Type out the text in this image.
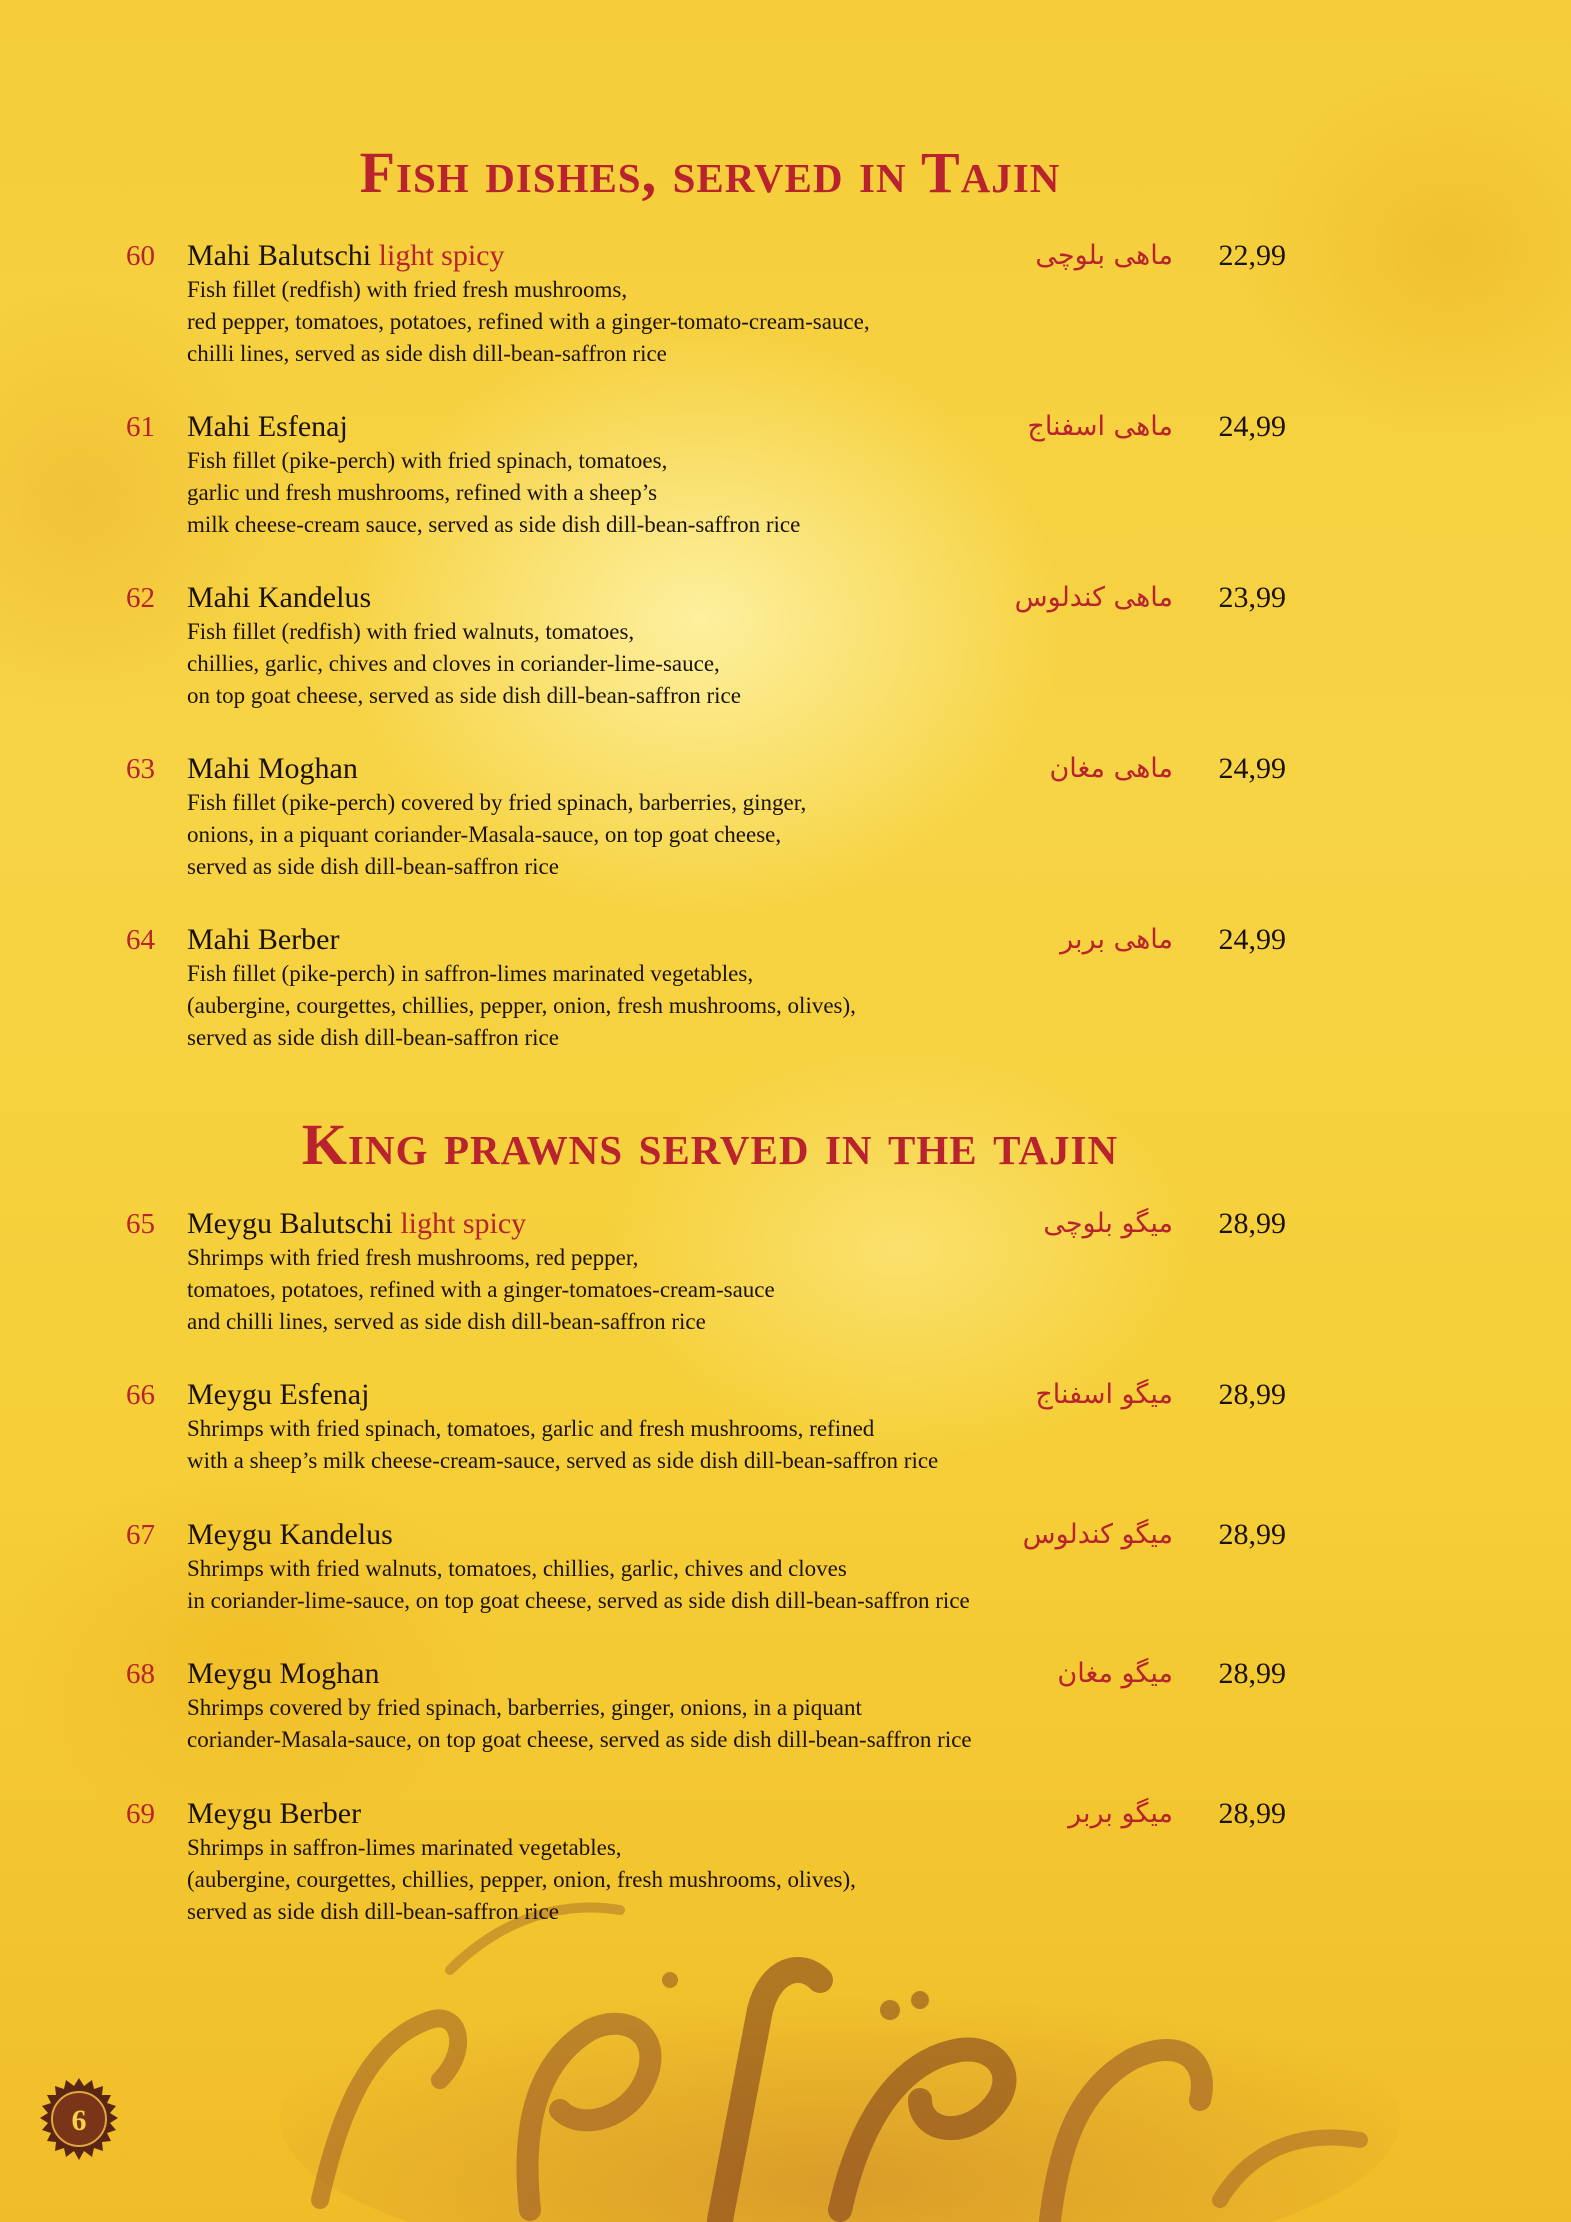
Fish dishes, served in Tajin
60 Mahi Balutschi light spicy	ماهی بلوچی 22,99
Fish fillet (redfish) with fried fresh mushrooms,
red pepper, tomatoes, potatoes, refined with a ginger-tomato-cream-sauce,
chilli lines, served as side dish dill-bean-saffron rice
61 Mahi Esfenaj	ماهی اسفناج 24,99
Fish fillet (pike-perch) with fried spinach, tomatoes,
garlic und fresh mushrooms, refined with a sheep’s
milk cheese-cream sauce, served as side dish dill-bean-saffron rice
62 Mahi Kandelus	ماهی کندلوس 23,99
Fish fillet (redfish) with fried walnuts, tomatoes,
chillies, garlic, chives and cloves in coriander-lime-sauce,
on top goat cheese, served as side dish dill-bean-saffron rice
63 Mahi Moghan	ماهی مغان 24,99
Fish fillet (pike-perch) covered by fried spinach, barberries, ginger,
onions, in a piquant coriander-Masala-sauce, on top goat cheese,
served as side dish dill-bean-saffron rice
64 Mahi Berber	ماهی بربر 24,99
Fish fillet (pike-perch) in saffron-limes marinated vegetables,
(aubergine, courgettes, chillies, pepper, onion, fresh mushrooms, olives),
served as side dish dill-bean-saffron rice
King prawns served in the tajin
65 Meygu Balutschi light spicy	میگو بلوچی 28,99
Shrimps with fried fresh mushrooms, red pepper,
tomatoes, potatoes, refined with a ginger-tomatoes-cream-sauce
and chilli lines, served as side dish dill-bean-saffron rice
66 Meygu Esfenaj	میگو اسفناج 28,99
Shrimps with fried spinach, tomatoes, garlic and fresh mushrooms, refined
with a sheep’s milk cheese-cream-sauce, served as side dish dill-bean-saffron rice
67 Meygu Kandelus	میگو کندلوس 28,99
Shrimps with fried walnuts, tomatoes, chillies, garlic, chives and cloves
in coriander-lime-sauce, on top goat cheese, served as side dish dill-bean-saffron rice
68 Meygu Moghan	میگو مغان 28,99
Shrimps covered by fried spinach, barberries, ginger, onions, in a piquant
coriander-Masala-sauce, on top goat cheese, served as side dish dill-bean-saffron rice
69 Meygu Berber	میگو بربر 28,99
Shrimps in saffron-limes marinated vegetables,
(aubergine, courgettes, chillies, pepper, onion, fresh mushrooms, olives),
served as side dish dill-bean-saffron rice
6
